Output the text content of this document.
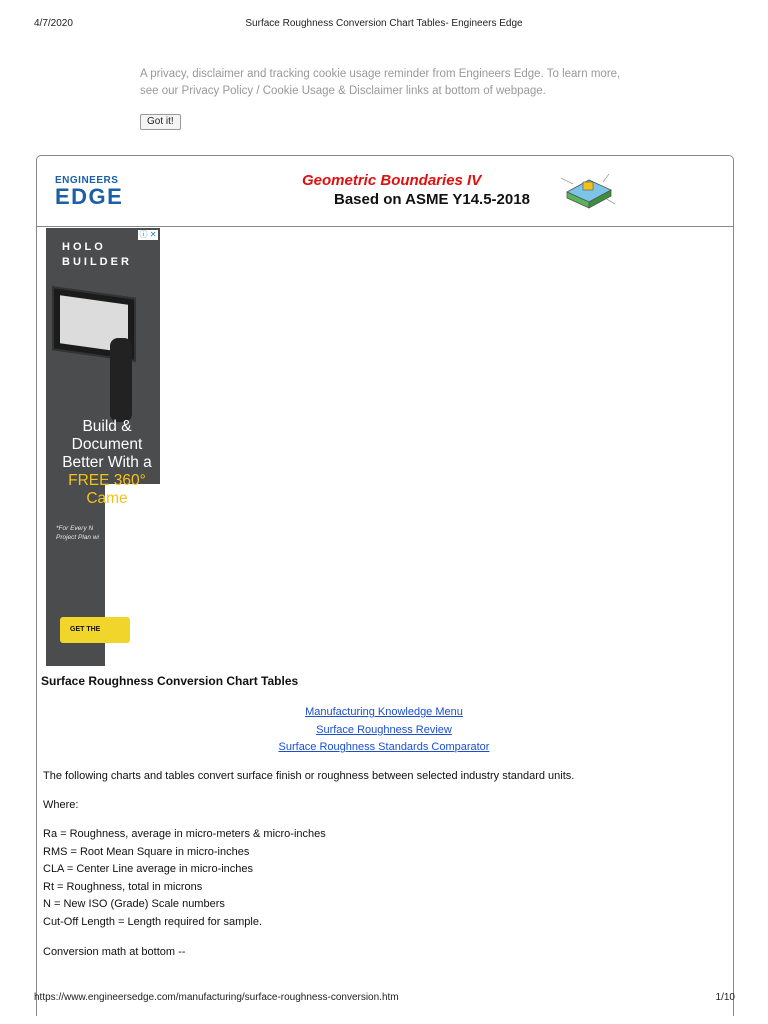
4/7/2020	Surface Roughness Conversion Chart Tables- Engineers Edge
A privacy, disclaimer and tracking cookie usage reminder from Engineers Edge. To learn more, see our Privacy Policy / Cookie Usage & Disclaimer links at bottom of webpage.
Got it!
ENGINEERS
EDGE
Geometric Boundaries IV
Based on ASME Y14.5-2018
HOLO
BUILDER
ⓘ ✕
Build &
Document
Better With a
FREE 360°
Came
*For Every N
Project Plan wi
GET THE
Surface Roughness Conversion Chart Tables
Manufacturing Knowledge Menu
Surface Roughness Review
Surface Roughness Standards Comparator

The following charts and tables convert surface finish or roughness between selected industry standard units.

Where:

Ra = Roughness, average in micro-meters & micro-inches
RMS = Root Mean Square in micro-inches
CLA = Center Line average in micro-inches
Rt = Roughness, total in microns
N = New ISO (Grade) Scale numbers
Cut-Off Length = Length required for sample.

Conversion math at bottom --

https://www.engineersedge.com/manufacturing/surface-roughness-conversion.htm	1/10
